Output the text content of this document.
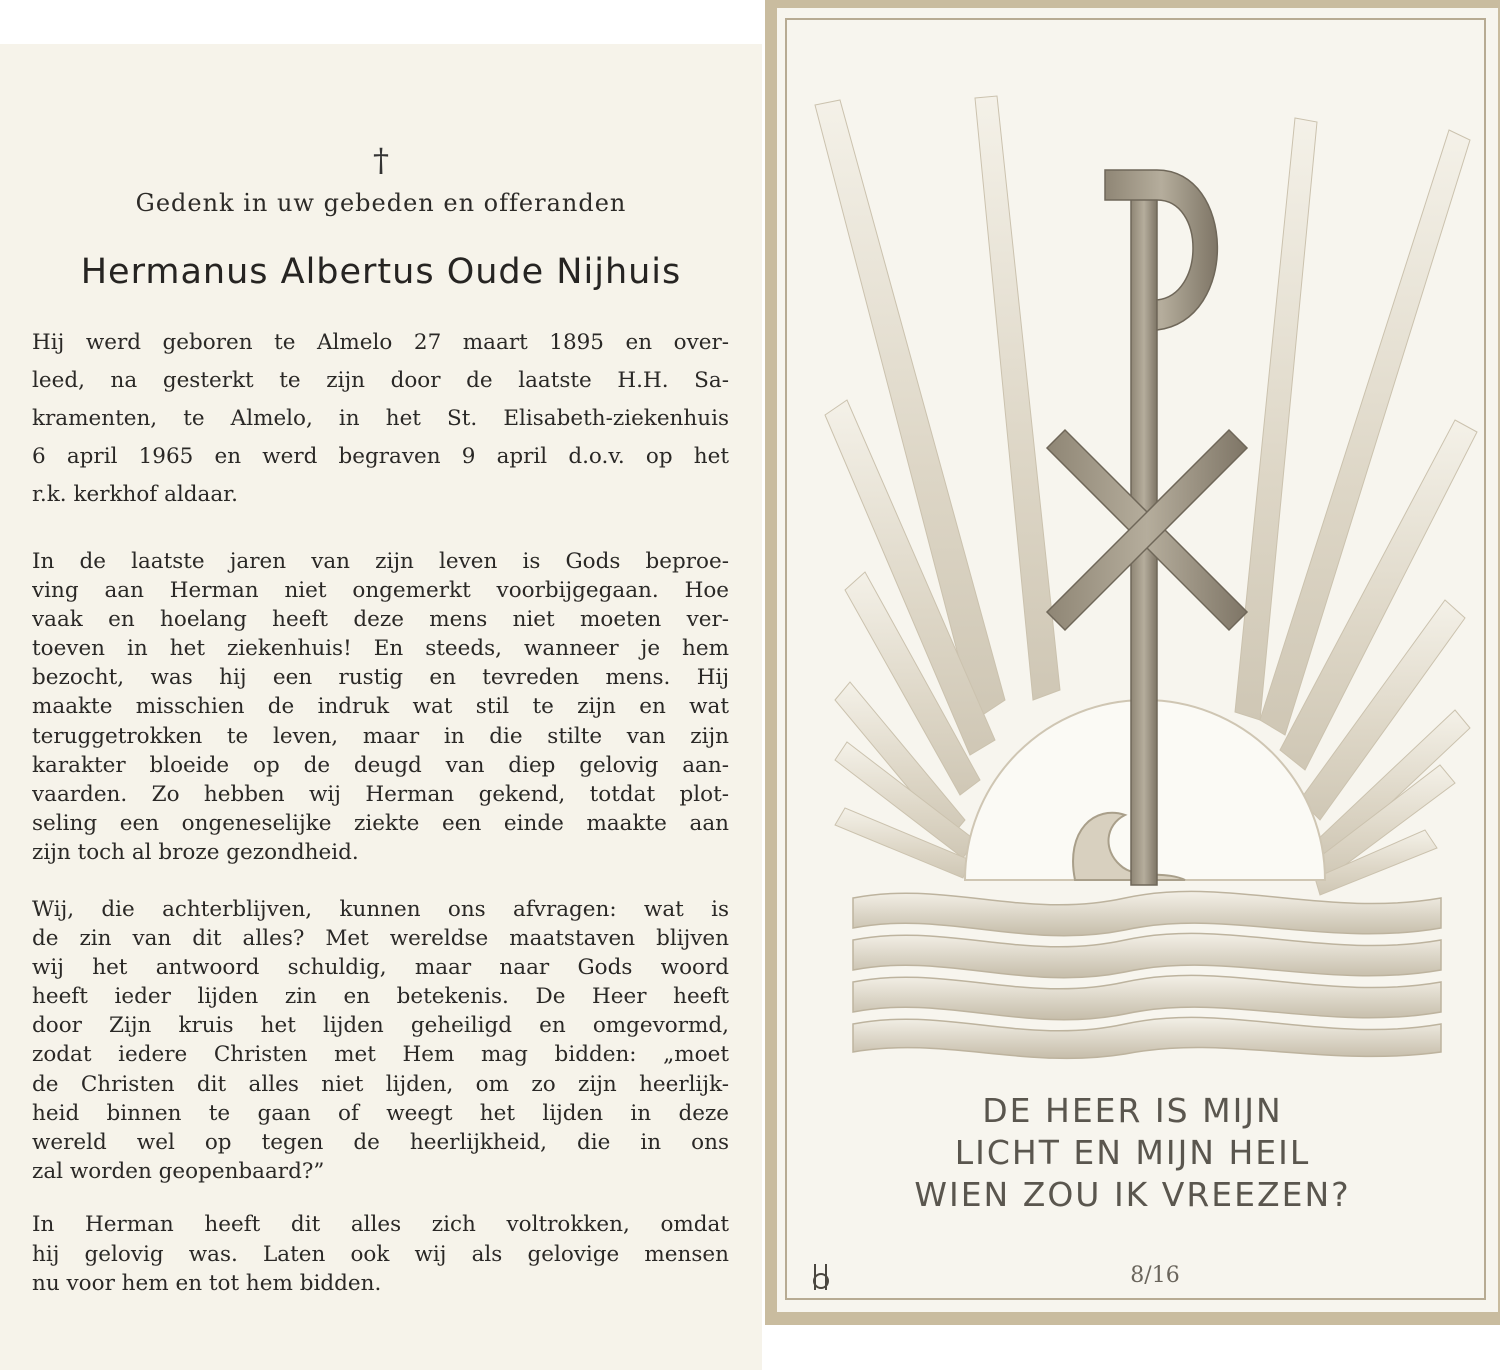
†
Gedenk in uw gebeden en offeranden
Hermanus Albertus Oude Nijhuis
Hij werd geboren te Almelo 27 maart 1895 en over-
leed, na gesterkt te zijn door de laatste H.H. Sa-
kramenten, te Almelo, in het St. Elisabeth-ziekenhuis
6 april 1965 en werd begraven 9 april d.o.v. op het
r.k. kerkhof aldaar.
In de laatste jaren van zijn leven is Gods beproe-
ving aan Herman niet ongemerkt voorbijgegaan. Hoe
vaak en hoelang heeft deze mens niet moeten ver-
toeven in het ziekenhuis! En steeds, wanneer je hem
bezocht, was hij een rustig en tevreden mens. Hij
maakte misschien de indruk wat stil te zijn en wat
teruggetrokken te leven, maar in die stilte van zijn
karakter bloeide op de deugd van diep gelovig aan-
vaarden. Zo hebben wij Herman gekend, totdat plot-
seling een ongeneselijke ziekte een einde maakte aan
zijn toch al broze gezondheid.
Wij, die achterblijven, kunnen ons afvragen: wat is
de zin van dit alles? Met wereldse maatstaven blijven
wij het antwoord schuldig, maar naar Gods woord
heeft ieder lijden zin en betekenis. De Heer heeft
door Zijn kruis het lijden geheiligd en omgevormd,
zodat iedere Christen met Hem mag bidden: „moet
de Christen dit alles niet lijden, om zo zijn heerlijk-
heid binnen te gaan of weegt het lijden in deze
wereld wel op tegen de heerlijkheid, die in ons
zal worden geopenbaard?”
In Herman heeft dit alles zich voltrokken, omdat
hij gelovig was. Laten ook wij als gelovige mensen
nu voor hem en tot hem bidden.
DE HEER IS MIJN
LICHT EN MIJN HEIL
WIEN ZOU IK VREEZEN?
8/16
